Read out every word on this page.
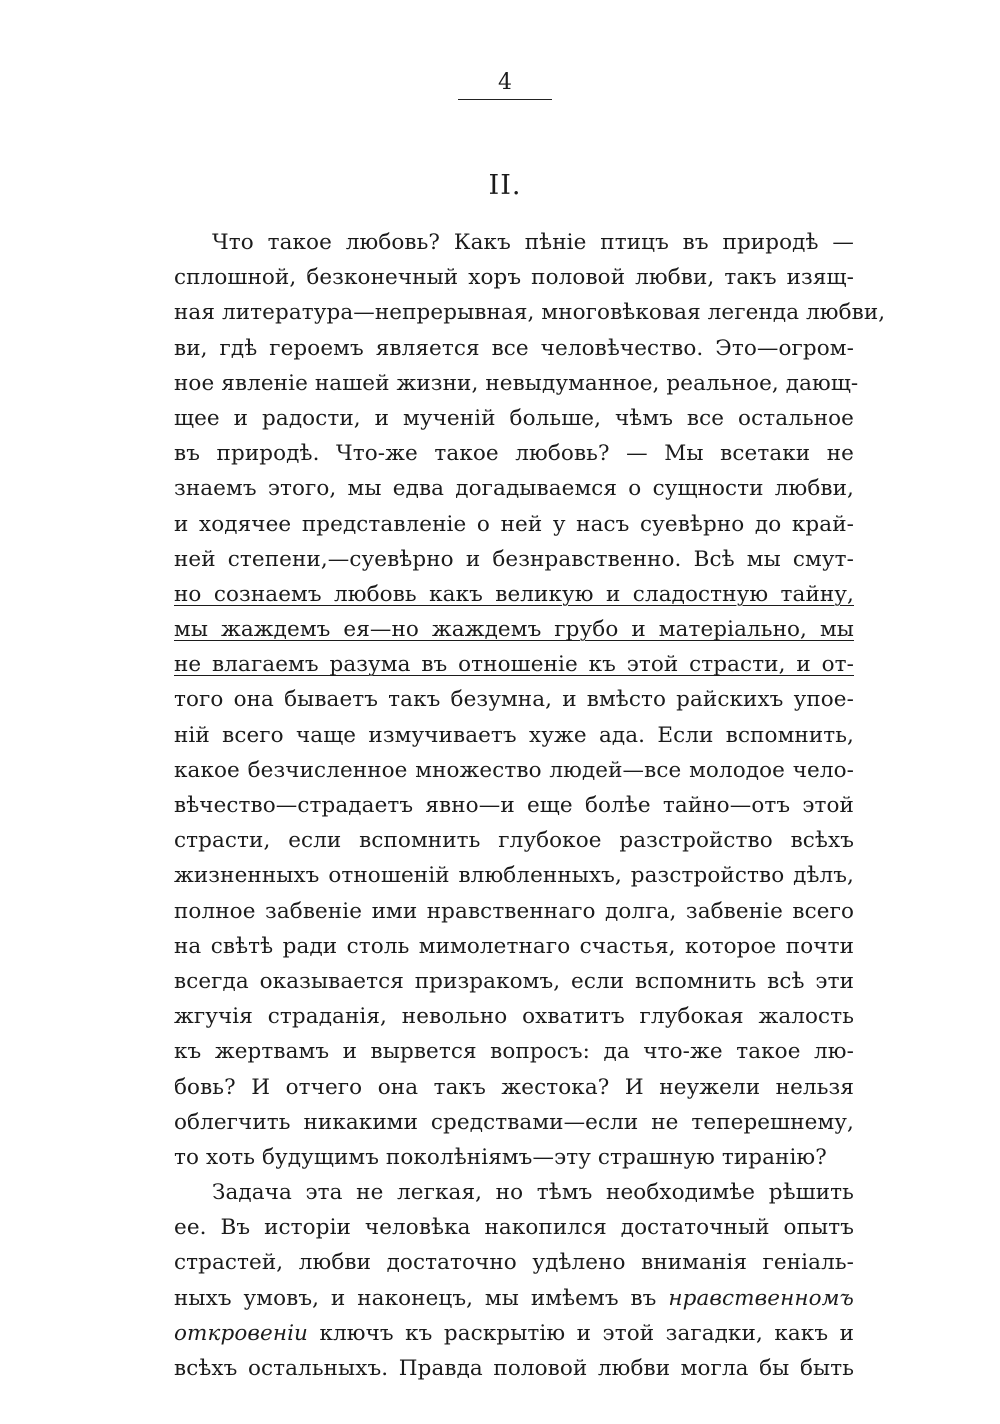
4
II.
Что такое любовь? Какъ пѣніе птицъ въ природѣ —
сплошной, безконечный хоръ половой любви, такъ изящ-
ная литература—непрерывная, многовѣковая легенда любви,
ви, гдѣ героемъ является все человѣчество. Это—огром-
ное явленіе нашей жизни, невыдуманное, реальное, дающ-
щее и радости, и мученій больше, чѣмъ все остальное
въ природѣ. Что-же такое любовь? — Мы всетаки не
знаемъ этого, мы едва догадываемся о сущности любви,
и ходячее представленіе о ней у насъ суевѣрно до край-
ней степени,—суевѣрно и безнравственно. Всѣ мы смут-
но сознаемъ любовь какъ великую и сладостную тайну,
мы жаждемъ ея—но жаждемъ грубо и матеріально, мы
не влагаемъ разума въ отношеніе къ этой страсти, и от-
того она бываетъ такъ безумна, и вмѣсто райскихъ упое-
ній всего чаще измучиваетъ хуже ада. Если вспомнить,
какое безчисленное множество людей—все молодое чело-
вѣчество—страдаетъ явно—и еще болѣе тайно—отъ этой
страсти, если вспомнить глубокое разстройство всѣхъ
жизненныхъ отношеній влюбленныхъ, разстройство дѣлъ,
полное забвеніе ими нравственнаго долга, забвеніе всего
на свѣтѣ ради столь мимолетнаго счастья, которое почти
всегда оказывается призракомъ, если вспомнить всѣ эти
жгучія страданія, невольно охватитъ глубокая жалость
къ жертвамъ и вырвется вопросъ: да что-же такое лю-
бовь? И отчего она такъ жестока? И неужели нельзя
облегчить никакими средствами—если не теперешнему,
то хоть будущимъ поколѣніямъ—эту страшную тиранію?
Задача эта не легкая, но тѣмъ необходимѣе рѣшить
ее. Въ исторіи человѣка накопился достаточный опытъ
страстей, любви достаточно удѣлено вниманія геніаль-
ныхъ умовъ, и наконецъ, мы имѣемъ въ нравственномъ
откровеніи ключъ къ раскрытію и этой загадки, какъ и
всѣхъ остальныхъ. Правда половой любви могла бы быть
